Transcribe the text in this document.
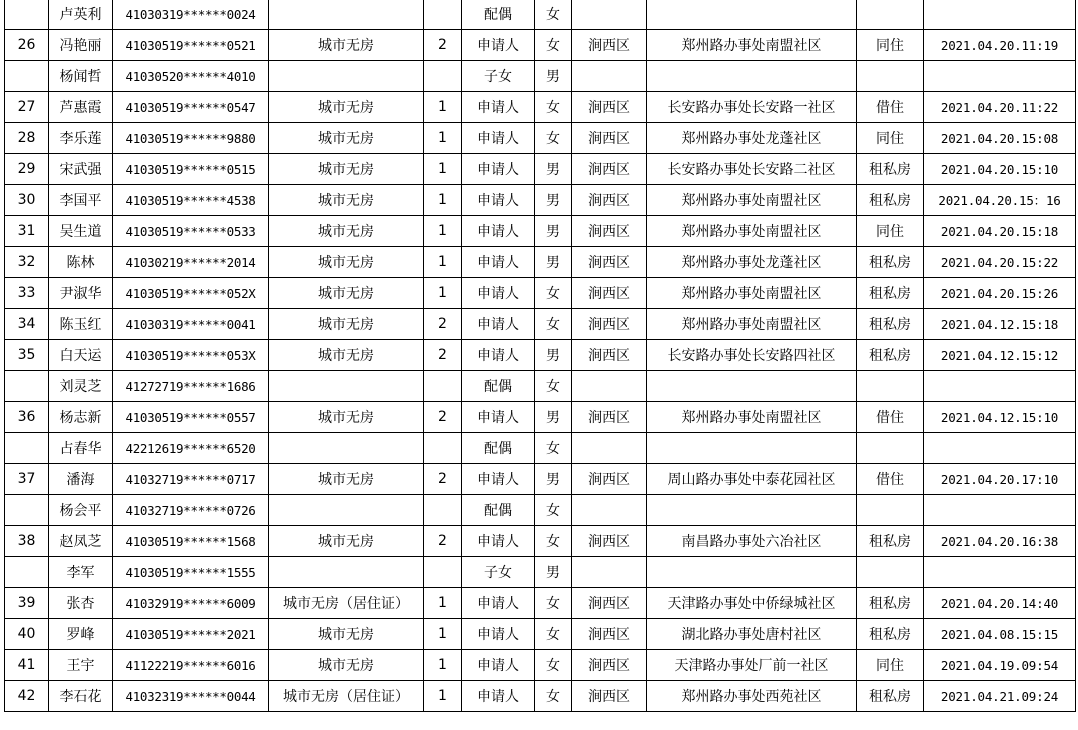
	卢英利	41030319******0024			配偶	女				
26	冯艳丽	41030519******0521	城市无房	2	申请人	女	涧西区	郑州路办事处南盟社区	同住	2021.04.20.11:19
	杨闻哲	41030520******4010			子女	男				
27	芦惠霞	41030519******0547	城市无房	1	申请人	女	涧西区	长安路办事处长安路一社区	借住	2021.04.20.11:22
28	李乐莲	41030519******9880	城市无房	1	申请人	女	涧西区	郑州路办事处龙蓬社区	同住	2021.04.20.15:08
29	宋武强	41030519******0515	城市无房	1	申请人	男	涧西区	长安路办事处长安路二社区	租私房	2021.04.20.15:10
30	李国平	41030519******4538	城市无房	1	申请人	男	涧西区	郑州路办事处南盟社区	租私房	2021.04.20.15：16
31	吴生道	41030519******0533	城市无房	1	申请人	男	涧西区	郑州路办事处南盟社区	同住	2021.04.20.15:18
32	陈林	41030219******2014	城市无房	1	申请人	男	涧西区	郑州路办事处龙蓬社区	租私房	2021.04.20.15:22
33	尹淑华	41030519******052X	城市无房	1	申请人	女	涧西区	郑州路办事处南盟社区	租私房	2021.04.20.15:26
34	陈玉红	41030319******0041	城市无房	2	申请人	女	涧西区	郑州路办事处南盟社区	租私房	2021.04.12.15:18
35	白天运	41030519******053X	城市无房	2	申请人	男	涧西区	长安路办事处长安路四社区	租私房	2021.04.12.15:12
	刘灵芝	41272719******1686			配偶	女				
36	杨志新	41030519******0557	城市无房	2	申请人	男	涧西区	郑州路办事处南盟社区	借住	2021.04.12.15:10
	占春华	42212619******6520			配偶	女				
37	潘海	41032719******0717	城市无房	2	申请人	男	涧西区	周山路办事处中泰花园社区	借住	2021.04.20.17:10
	杨会平	41032719******0726			配偶	女				
38	赵凤芝	41030519******1568	城市无房	2	申请人	女	涧西区	南昌路办事处六冶社区	租私房	2021.04.20.16:38
	李军	41030519******1555			子女	男				
39	张杏	41032919******6009	城市无房（居住证）	1	申请人	女	涧西区	天津路办事处中侨绿城社区	租私房	2021.04.20.14:40
40	罗峰	41030519******2021	城市无房	1	申请人	女	涧西区	湖北路办事处唐村社区	租私房	2021.04.08.15:15
41	王宇	41122219******6016	城市无房	1	申请人	女	涧西区	天津路办事处厂前一社区	同住	2021.04.19.09:54
42	李石花	41032319******0044	城市无房（居住证）	1	申请人	女	涧西区	郑州路办事处西苑社区	租私房	2021.04.21.09:24
